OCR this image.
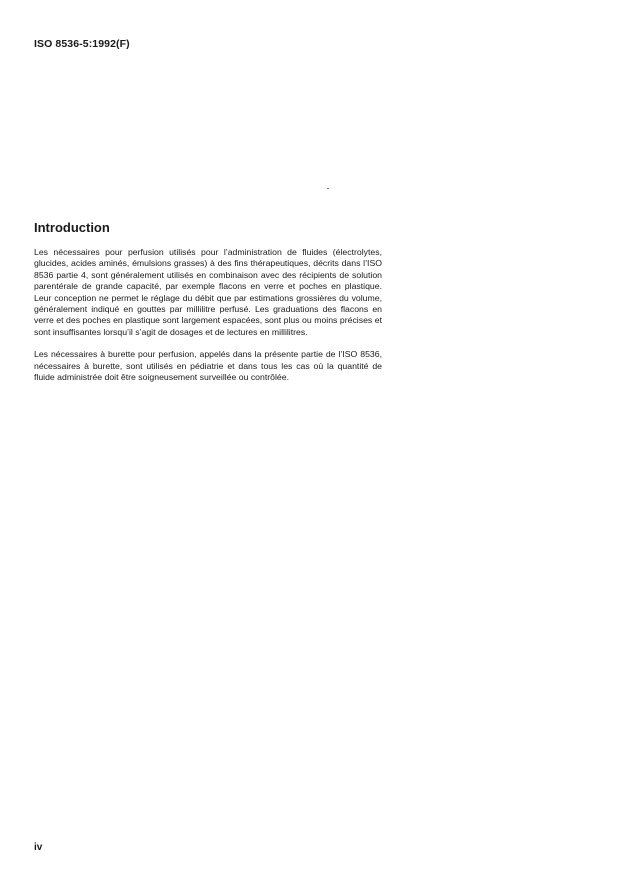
ISO 8536-5:1992(F)
Introduction

Les nécessaires pour perfusion utilisés pour l’administration de fluides (électrolytes, glucides, acides aminés, émulsions grasses) à des fins thérapeutiques, décrits dans l’ISO 8536 partie 4, sont généralement utilisés en combinaison avec des récipients de solution parentérale de grande capacité, par exemple flacons en verre et poches en plastique. Leur conception ne permet le réglage du débit que par estimations grossières du volume, généralement indiqué en gouttes par millilitre perfusé. Les graduations des flacons en verre et des poches en plastique sont largement espacées, sont plus ou moins précises et sont insuffisantes lorsqu’il s’agit de dosages et de lectures en millilitres.

Les nécessaires à burette pour perfusion, appelés dans la présente partie de l’ISO 8536, nécessaires à burette, sont utilisés en pédiatrie et dans tous les cas où la quantité de fluide administrée doit être soigneusement surveillée ou contrôlée.

iv
